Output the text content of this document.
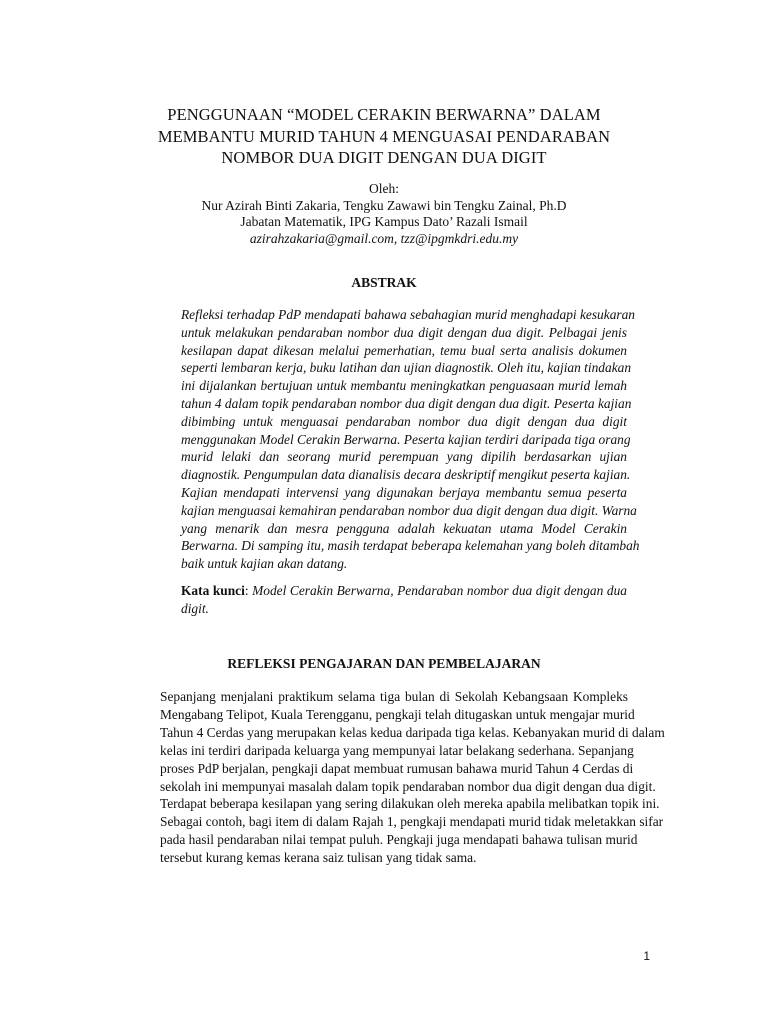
PENGGUNAAN “MODEL CERAKIN BERWARNA” DALAM
MEMBANTU MURID TAHUN 4 MENGUASAI PENDARABAN
NOMBOR DUA DIGIT DENGAN DUA DIGIT
Oleh:
Nur Azirah Binti Zakaria, Tengku Zawawi bin Tengku Zainal, Ph.D
Jabatan Matematik, IPG Kampus Dato’ Razali Ismail
azirahzakaria@gmail.com, tzz@ipgmkdri.edu.my
ABSTRAK
Refleksi terhadap PdP mendapati bahawa sebahagian murid menghadapi kesukaran
untuk melakukan pendaraban nombor dua digit dengan dua digit. Pelbagai jenis
kesilapan dapat dikesan melalui pemerhatian, temu bual serta analisis dokumen
seperti lembaran kerja, buku latihan dan ujian diagnostik. Oleh itu, kajian tindakan
ini dijalankan bertujuan untuk membantu meningkatkan penguasaan murid lemah
tahun 4 dalam topik pendaraban nombor dua digit dengan dua digit. Peserta kajian
dibimbing untuk menguasai pendaraban nombor dua digit dengan dua digit
menggunakan Model Cerakin Berwarna. Peserta kajian terdiri daripada tiga orang
murid lelaki dan seorang murid perempuan yang dipilih berdasarkan ujian
diagnostik. Pengumpulan data dianalisis decara deskriptif mengikut peserta kajian.
Kajian mendapati intervensi yang digunakan berjaya membantu semua peserta
kajian menguasai kemahiran pendaraban nombor dua digit dengan dua digit. Warna
yang menarik dan mesra pengguna adalah kekuatan utama Model Cerakin
Berwarna. Di samping itu, masih terdapat beberapa kelemahan yang boleh ditambah
baik untuk kajian akan datang.
Kata kunci: Model Cerakin Berwarna, Pendaraban nombor dua digit dengan dua
digit.
REFLEKSI PENGAJARAN DAN PEMBELAJARAN
Sepanjang menjalani praktikum selama tiga bulan di Sekolah Kebangsaan Kompleks
Mengabang Telipot, Kuala Terengganu, pengkaji telah ditugaskan untuk mengajar murid
Tahun 4 Cerdas yang merupakan kelas kedua daripada tiga kelas. Kebanyakan murid di dalam
kelas ini terdiri daripada keluarga yang mempunyai latar belakang sederhana. Sepanjang
proses PdP berjalan, pengkaji dapat membuat rumusan bahawa murid Tahun 4 Cerdas di
sekolah ini mempunyai masalah dalam topik pendaraban nombor dua digit dengan dua digit.
Terdapat beberapa kesilapan yang sering dilakukan oleh mereka apabila melibatkan topik ini.
Sebagai contoh, bagi item di dalam Rajah 1, pengkaji mendapati murid tidak meletakkan sifar
pada hasil pendaraban nilai tempat puluh. Pengkaji juga mendapati bahawa tulisan murid
tersebut kurang kemas kerana saiz tulisan yang tidak sama.
1
